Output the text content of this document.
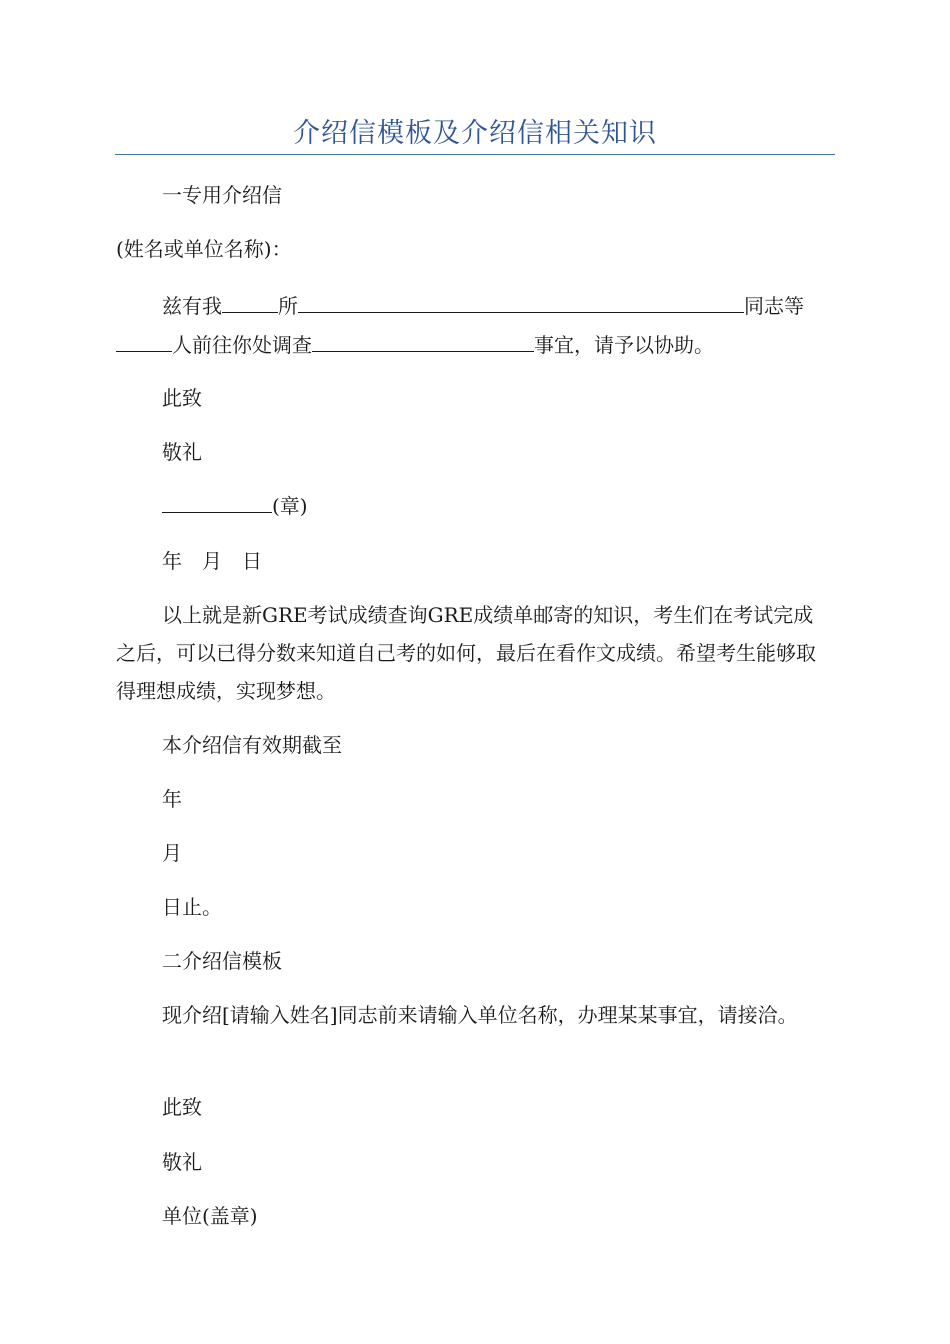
介绍信模板及介绍信相关知识

一专用介绍信

(姓名或单位名称)：

兹有我	所	同志等

人前往你处调查	事宜，请予以协助。

此致

敬礼

(章)

年　月　日

以上就是新GRE考试成绩查询GRE成绩单邮寄的知识，考生们在考试完成之后，可以已得分数来知道自己考的如何，最后在看作文成绩。希望考生能够取得理想成绩，实现梦想。

本介绍信有效期截至

年

月

日止。

二介绍信模板

现介绍[请输入姓名]同志前来请输入单位名称，办理某某事宜，请接洽。

此致

敬礼

单位(盖章)
